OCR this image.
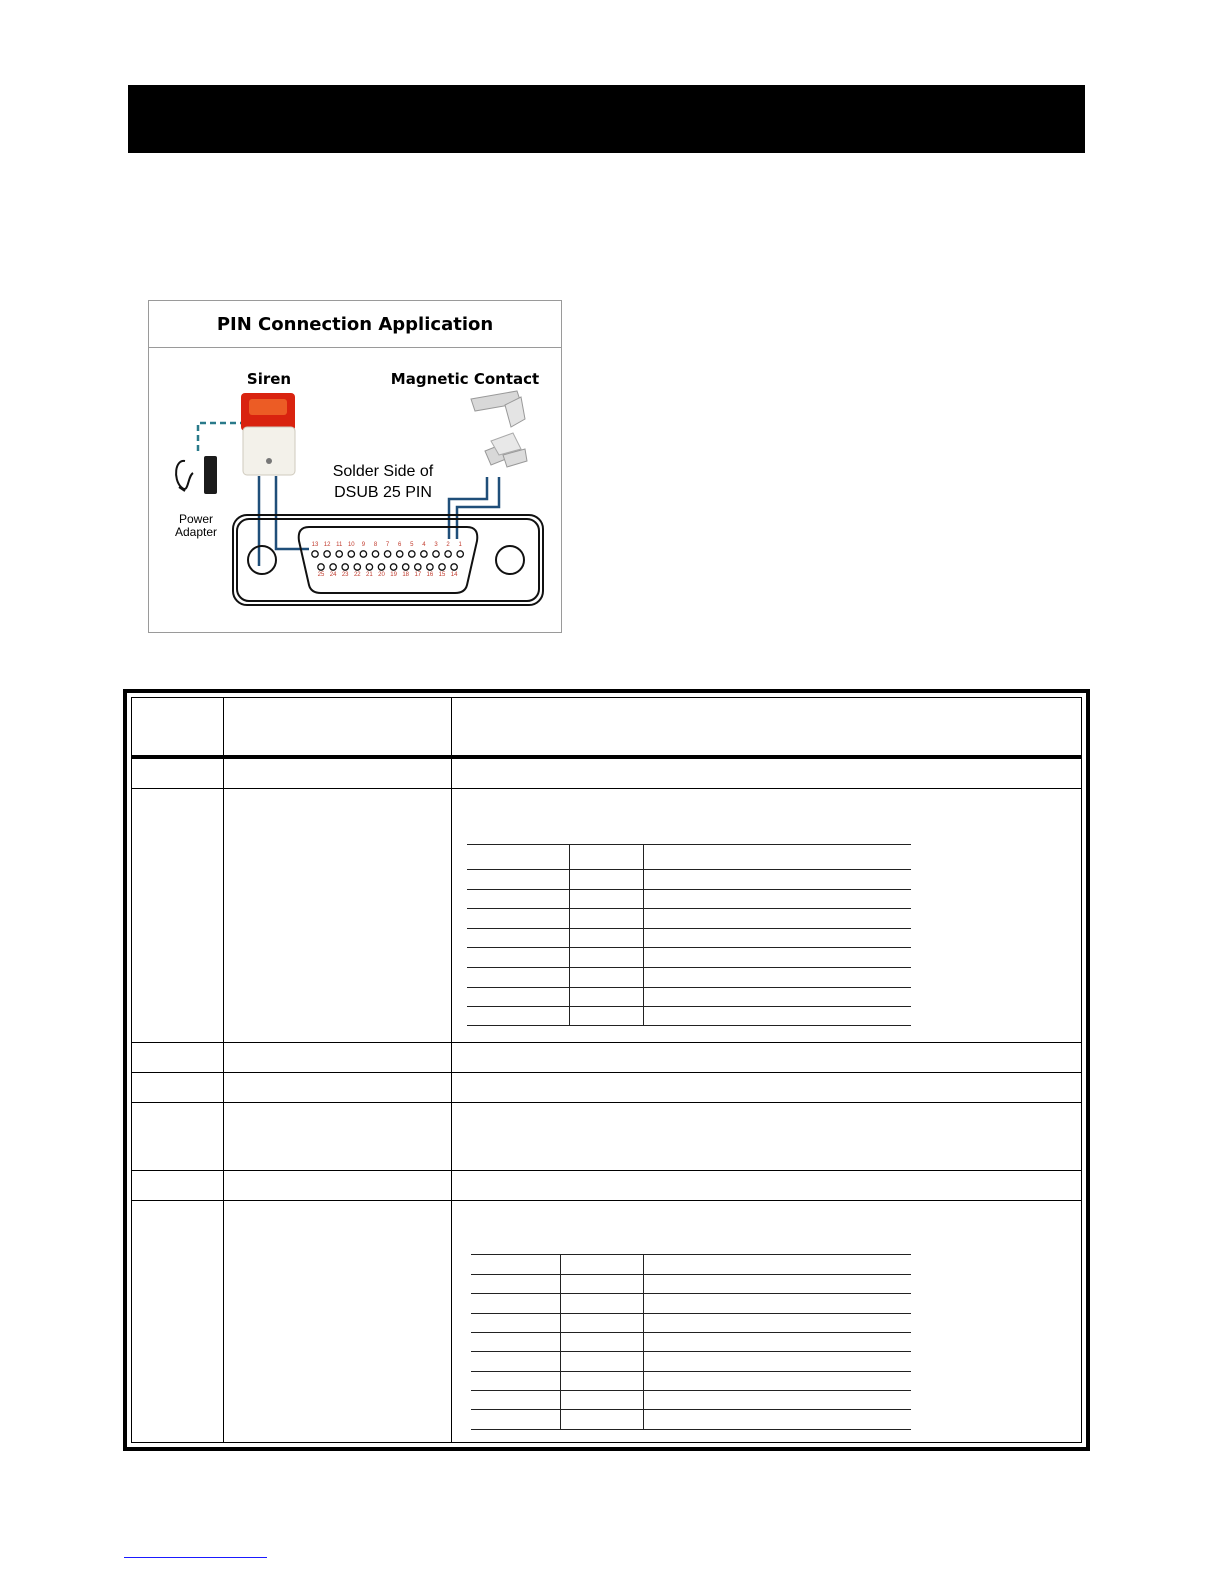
PIN Connection Application
Siren	Magnetic Contact
Solder Side of
DSUB 25 PIN
Power
Adapter
13 12 11 10 9 8 7 6 5 4 3 2 1
25 24 23 22 21 20 19 18 17 16 15 14
